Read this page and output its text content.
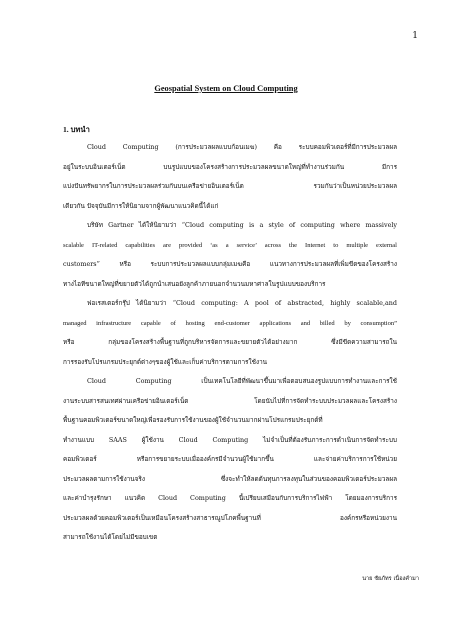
1
Geospatial System on Cloud Computing
1. บทนำ
Cloud Computing (การประมวลผลแบบก้อนเมฆ) คือ ระบบคอมพิวเตอร์ที่มีการประมวลผล
อยู่ในระบบอินเตอร์เน็ต บนรูปแบบของโครงสร้างการประมวลผลขนาดใหญ่ที่ทำงานร่วมกัน มีการ
แบ่งปันทรัพยากรในการประมวลผลร่วมกันบนเครือข่ายอินเตอร์เน็ต รวมกันว่าเป็นหน่วยประมวลผล
เดียวกัน ปัจจุบันมีการให้นิยามจากผู้พัฒนาแนวคิดนี้ได้แก่
บริษัท Gartner ได้ให้นิยามว่า “Cloud computing is a style of computing where massively
scalable IT-related capabilities are provided ‘as a service’ across the Internet to multiple external
customers” หรือ ระบบการประมวลผลแบบกลุ่มเมฆคือ แนวทางการประมวลผลที่เพิ่มขีดของโครงสร้าง
ทางไอทีขนาดใหญ่ที่ขยายตัวได้ถูกนำเสนอยังลูกค้าภายนอกจำนวนมหาศาลในรูปแบบของบริการ
ฟอเรสเตอร์กรุ๊ป ได้นิยามว่า “Cloud computing: A pool of abstracted, highly scalable,and
managed infrastructure capable of hosting end-customer applications and billed by consumption”
หรือ กลุ่มของโครงสร้างพื้นฐานที่ถูกบริหารจัดการและขยายตัวได้อย่างมาก ซึ่งมีขีดความสามารถใน
การรองรับโปรแกรมประยุกต์ต่างๆของผู้ใช้และเก็บค่าบริการตามการใช้งาน
Cloud Computing เป็นเทคโนโลยีที่พัฒนาขึ้นมาเพื่อตอบสนองรูปแบบการทำงานและการใช้
งานระบบสารสนเทศผ่านเครือข่ายอินเตอร์เน็ต โดยนับไปที่การจัดทำระบบประมวลผลและโครงสร้าง
พื้นฐานคอมพิวเตอร์ขนาดใหญ่เพื่อรองรับการใช้งานของผู้ใช้จำนวนมากผ่านโปรแกรมประยุกต์ที่
ทำงานแบบ SAAS ผู้ใช้งาน Cloud Computing ไม่จำเป็นที่ต้องรับภาระการดำเนินการจัดทำระบบ
คอมพิวเตอร์ หรือการขยายระบบเมื่อองค์กรมีจำนวนผู้ใช้มากขึ้น และจ่ายค่าบริการการใช้หน่วย
ประมวลผลตามการใช้งานจริง ซึ่งจะทำให้ลดต้นทุนการลงทุนในส่วนของคอมพิวเตอร์ประมวลผล
และค่าบำรุงรักษา แนวคิด Cloud Computing นี้เปรียบเสมือนกับการบริการไฟฟ้า โดยมองการบริการ
ประมวลผลด้วยคอมพิวเตอร์เป็นเหมือนโครงสร้างสาธารณูปโภคพื้นฐานที่ องค์กรหรือหน่วยงาน
สามารถใช้งานได้โดยไม่มีขอบเขต
นาย ชัยภัทร เนื่องคำมา
